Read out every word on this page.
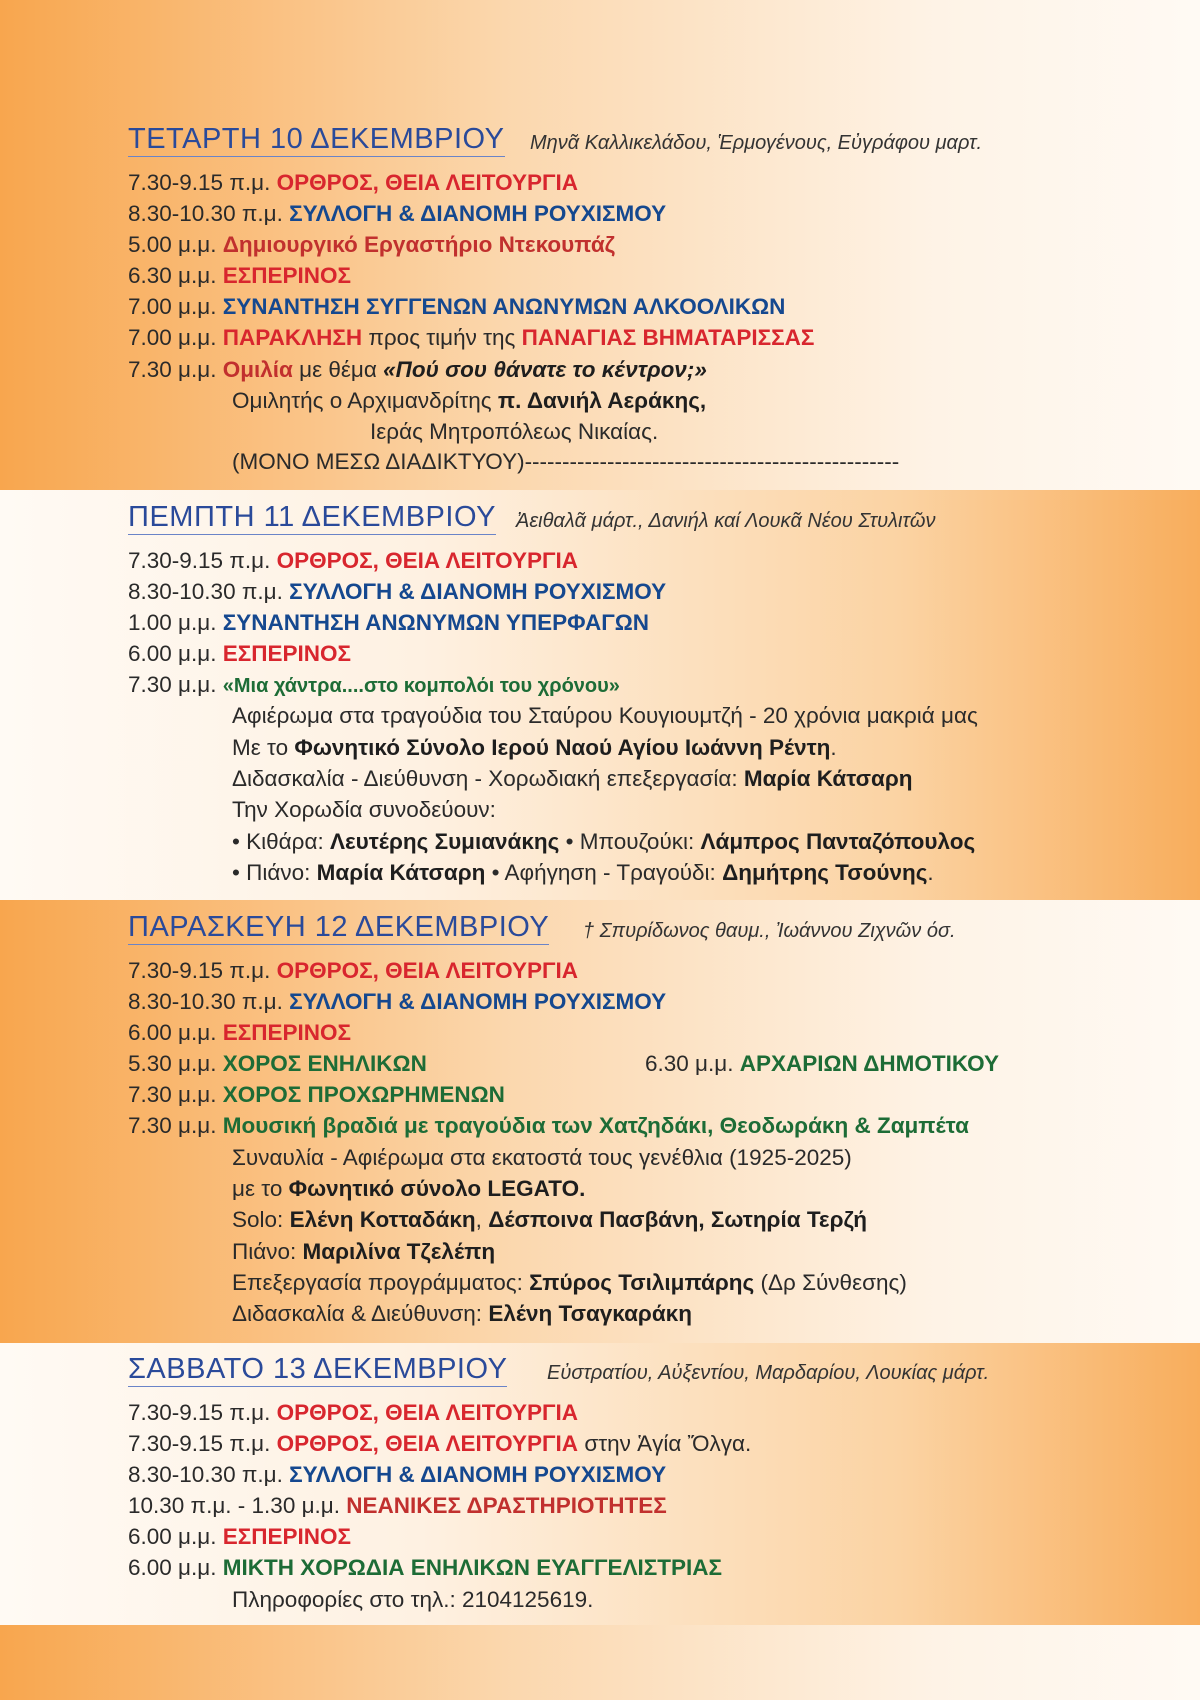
ΤΕΤΑΡΤΗ 10 ΔΕΚΕΜΒΡΙΟΥ Μηνᾶ Καλλικελάδου, Ἑρμογένους, Εὐγράφου μαρτ.
7.30-9.15 π.μ. ΟΡΘΡΟΣ, ΘΕΙΑ ΛΕΙΤΟΥΡΓΙΑ
8.30-10.30 π.μ. ΣΥΛΛΟΓΗ & ΔΙΑΝΟΜΗ ΡΟΥΧΙΣΜΟΥ
5.00 μ.μ. Δημιουργικό Εργαστήριο Ντεκουπάζ
6.30 μ.μ. ΕΣΠΕΡΙΝΟΣ
7.00 μ.μ. ΣΥΝΑΝΤΗΣΗ ΣΥΓΓΕΝΩΝ ΑΝΩΝΥΜΩΝ ΑΛΚΟΟΛΙΚΩΝ
7.00 μ.μ. ΠΑΡΑΚΛΗΣΗ προς τιμήν της ΠΑΝΑΓΙΑΣ ΒΗΜΑΤΑΡΙΣΣΑΣ
7.30 μ.μ. Ομιλία με θέμα «Πού σου θάνατε το κέντρον;»
Ομιλητής ο Αρχιμανδρίτης π. Δανιήλ Αεράκης,
Ιεράς Μητροπόλεως Νικαίας.
(ΜΟΝΟ ΜΕΣΩ ΔΙΑΔΙΚΤΥΟΥ)--------------------------------------------------
ΠΕΜΠΤΗ 11 ΔΕΚΕΜΒΡΙΟΥ Ἀειθαλᾶ μάρτ., Δανιήλ καί Λουκᾶ Νέου Στυλιτῶν
7.30-9.15 π.μ. ΟΡΘΡΟΣ, ΘΕΙΑ ΛΕΙΤΟΥΡΓΙΑ
8.30-10.30 π.μ. ΣΥΛΛΟΓΗ & ΔΙΑΝΟΜΗ ΡΟΥΧΙΣΜΟΥ
1.00 μ.μ. ΣΥΝΑΝΤΗΣΗ ΑΝΩΝΥΜΩΝ ΥΠΕΡΦΑΓΩΝ
6.00 μ.μ. ΕΣΠΕΡΙΝΟΣ
7.30 μ.μ. «Μια χάντρα....στο κομπολόι του χρόνου»
Αφιέρωμα στα τραγούδια του Σταύρου Κουγιουμτζή - 20 χρόνια μακριά μας
Με το Φωνητικό Σύνολο Ιερού Ναού Αγίου Ιωάννη Ρέντη.
Διδασκαλία - Διεύθυνση - Χορωδιακή επεξεργασία: Μαρία Κάτσαρη
Την Χορωδία συνοδεύουν:
• Κιθάρα: Λευτέρης Συμιανάκης • Μπουζούκι: Λάμπρος Πανταζόπουλος
• Πιάνο: Μαρία Κάτσαρη • Αφήγηση - Τραγούδι: Δημήτρης Τσούνης.
ΠΑΡΑΣΚΕΥΗ 12 ΔΕΚΕΜΒΡΙΟΥ † Σπυρίδωνος θαυμ., Ἰωάννου Ζιχνῶν όσ.
7.30-9.15 π.μ. ΟΡΘΡΟΣ, ΘΕΙΑ ΛΕΙΤΟΥΡΓΙΑ
8.30-10.30 π.μ. ΣΥΛΛΟΓΗ & ΔΙΑΝΟΜΗ ΡΟΥΧΙΣΜΟΥ
6.00 μ.μ. ΕΣΠΕΡΙΝΟΣ
5.30 μ.μ. ΧΟΡΟΣ ΕΝΗΛΙΚΩΝ	6.30 μ.μ. ΑΡΧΑΡΙΩΝ ΔΗΜΟΤΙΚΟΥ
7.30 μ.μ. ΧΟΡΟΣ ΠΡΟΧΩΡΗΜΕΝΩΝ
7.30 μ.μ. Μουσική βραδιά με τραγούδια των Χατζηδάκι, Θεοδωράκη & Ζαμπέτα
Συναυλία - Αφιέρωμα στα εκατοστά τους γενέθλια (1925-2025)
με το Φωνητικό σύνολο LEGATO.
Solo: Ελένη Κοτταδάκη, Δέσποινα Πασβάνη, Σωτηρία Τερζή
Πιάνο: Μαριλίνα Τζελέπη
Επεξεργασία προγράμματος: Σπύρος Τσιλιμπάρης (Δρ Σύνθεσης)
Διδασκαλία & Διεύθυνση: Ελένη Τσαγκαράκη
ΣΑΒΒΑΤΟ 13 ΔΕΚΕΜΒΡΙΟΥ Εὐστρατίου, Αὐξεντίου, Μαρδαρίου, Λουκίας μάρτ.
7.30-9.15 π.μ. ΟΡΘΡΟΣ, ΘΕΙΑ ΛΕΙΤΟΥΡΓΙΑ
7.30-9.15 π.μ. ΟΡΘΡΟΣ, ΘΕΙΑ ΛΕΙΤΟΥΡΓΙΑ στην Ἁγία Ὄλγα.
8.30-10.30 π.μ. ΣΥΛΛΟΓΗ & ΔΙΑΝΟΜΗ ΡΟΥΧΙΣΜΟΥ
10.30 π.μ. - 1.30 μ.μ. ΝΕΑΝΙΚΕΣ ΔΡΑΣΤΗΡΙΟΤΗΤΕΣ
6.00 μ.μ. ΕΣΠΕΡΙΝΟΣ
6.00 μ.μ. ΜΙΚΤΗ ΧΟΡΩΔΙΑ ΕΝΗΛΙΚΩΝ ΕΥΑΓΓΕΛΙΣΤΡΙΑΣ
Πληροφορίες στο τηλ.: 2104125619.
